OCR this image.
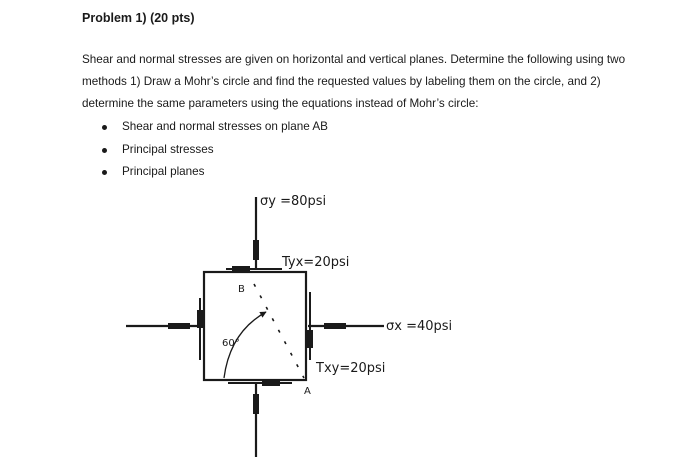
Problem 1) (20 pts)

Shear and normal stresses are given on horizontal and vertical planes. Determine the following using two methods 1) Draw a Mohr’s circle and find the requested values by labeling them on the circle, and 2) determine the same parameters using the equations instead of Mohr’s circle:

Shear and normal stresses on plane AB
Principal stresses
Principal planes
σy =80psi
Tyx=20psi
σx =40psi
Txy=20psi
60°
A
B
